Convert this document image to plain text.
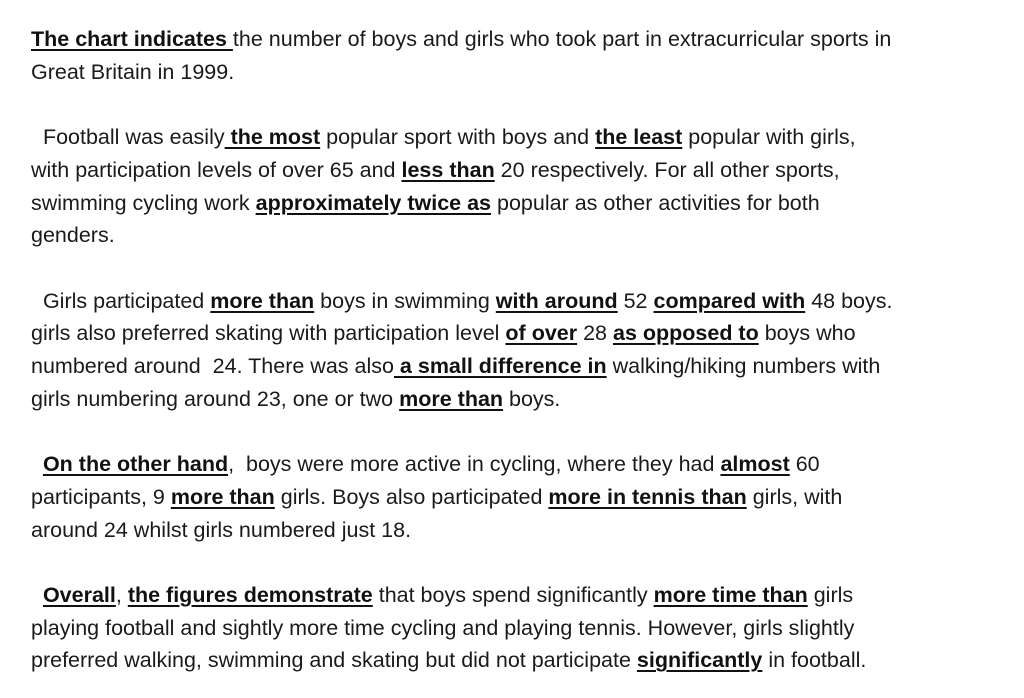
The chart indicates the number of boys and girls who took part in extracurricular sports in
Great Britain in 1999.

Football was easily the most popular sport with boys and the least popular with girls,
with participation levels of over 65 and less than 20 respectively. For all other sports,
swimming cycling work approximately twice as popular as other activities for both
genders.

Girls participated more than boys in swimming with around 52 compared with 48 boys.
girls also preferred skating with participation level of over 28 as opposed to boys who
numbered around  24. There was also a small difference in walking/hiking numbers with
girls numbering around 23, one or two more than boys.

On the other hand,  boys were more active in cycling, where they had almost 60
participants, 9 more than girls. Boys also participated more in tennis than girls, with
around 24 whilst girls numbered just 18.

Overall, the figures demonstrate that boys spend significantly more time than girls
playing football and sightly more time cycling and playing tennis. However, girls slightly
preferred walking, swimming and skating but did not participate significantly in football.
